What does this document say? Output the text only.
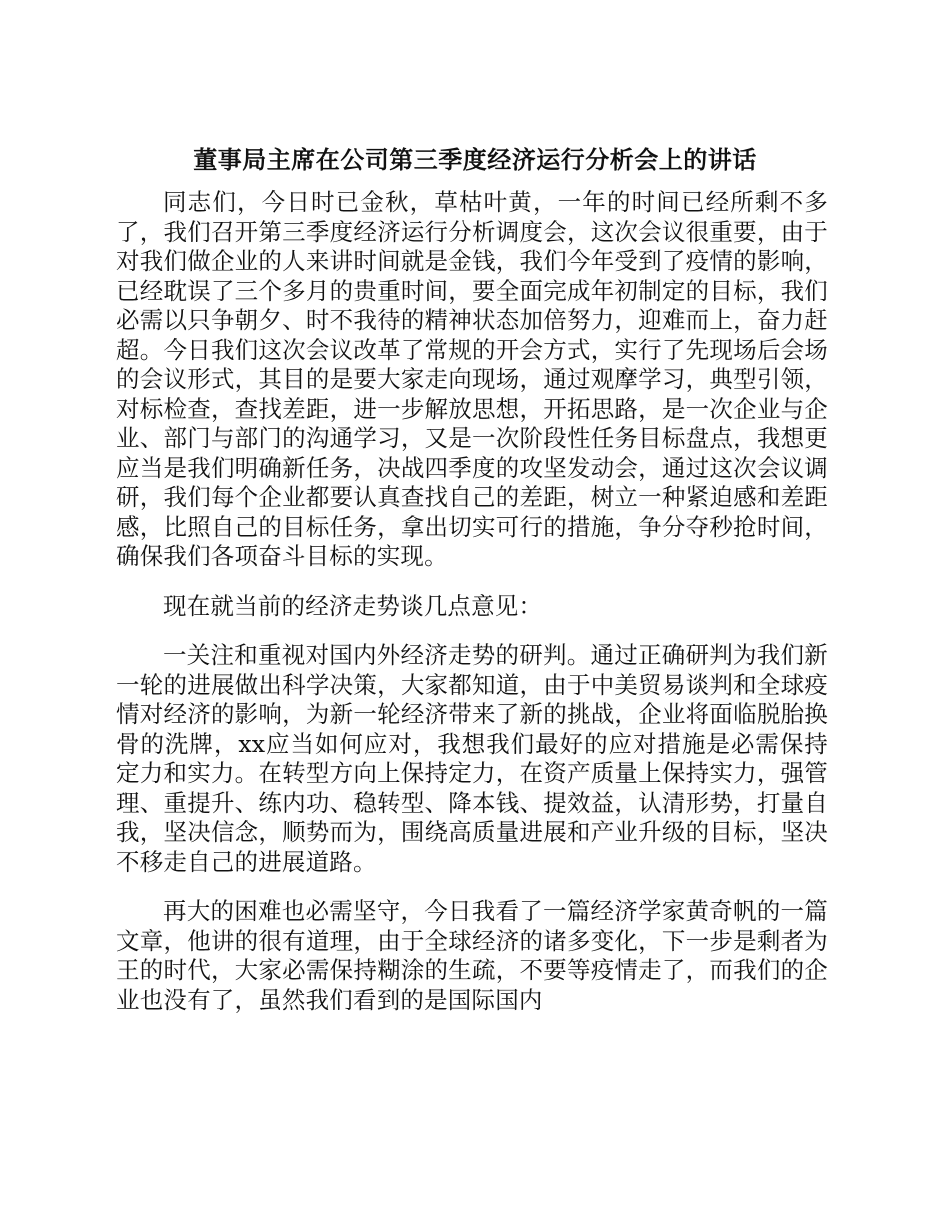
董事局主席在公司第三季度经济运行分析会上的讲话

同志们，今日时已金秋，草枯叶黄，一年的时间已经所剩不多了，我们召开第三季度经济运行分析调度会，这次会议很重要，由于对我们做企业的人来讲时间就是金钱，我们今年受到了疫情的影响，已经耽误了三个多月的贵重时间，要全面完成年初制定的目标，我们必需以只争朝夕、时不我待的精神状态加倍努力，迎难而上，奋力赶超。今日我们这次会议改革了常规的开会方式，实行了先现场后会场的会议形式，其目的是要大家走向现场，通过观摩学习，典型引领，对标检查，查找差距，进一步解放思想，开拓思路，是一次企业与企业、部门与部门的沟通学习，又是一次阶段性任务目标盘点，我想更应当是我们明确新任务，决战四季度的攻坚发动会，通过这次会议调研，我们每个企业都要认真查找自己的差距，树立一种紧迫感和差距感，比照自己的目标任务，拿出切实可行的措施，争分夺秒抢时间，确保我们各项奋斗目标的实现。

现在就当前的经济走势谈几点意见：

一关注和重视对国内外经济走势的研判。通过正确研判为我们新一轮的进展做出科学决策，大家都知道，由于中美贸易谈判和全球疫情对经济的影响，为新一轮经济带来了新的挑战，企业将面临脱胎换骨的洗牌，xx应当如何应对，我想我们最好的应对措施是必需保持定力和实力。在转型方向上保持定力，在资产质量上保持实力，强管理、重提升、练内功、稳转型、降本钱、提效益，认清形势，打量自我，坚决信念，顺势而为，围绕高质量进展和产业升级的目标，坚决不移走自己的进展道路。

再大的困难也必需坚守，今日我看了一篇经济学家黄奇帆的一篇文章，他讲的很有道理，由于全球经济的诸多变化，下一步是剩者为王的时代，大家必需保持糊涂的生疏，不要等疫情走了，而我们的企业也没有了，虽然我们看到的是国际国内
